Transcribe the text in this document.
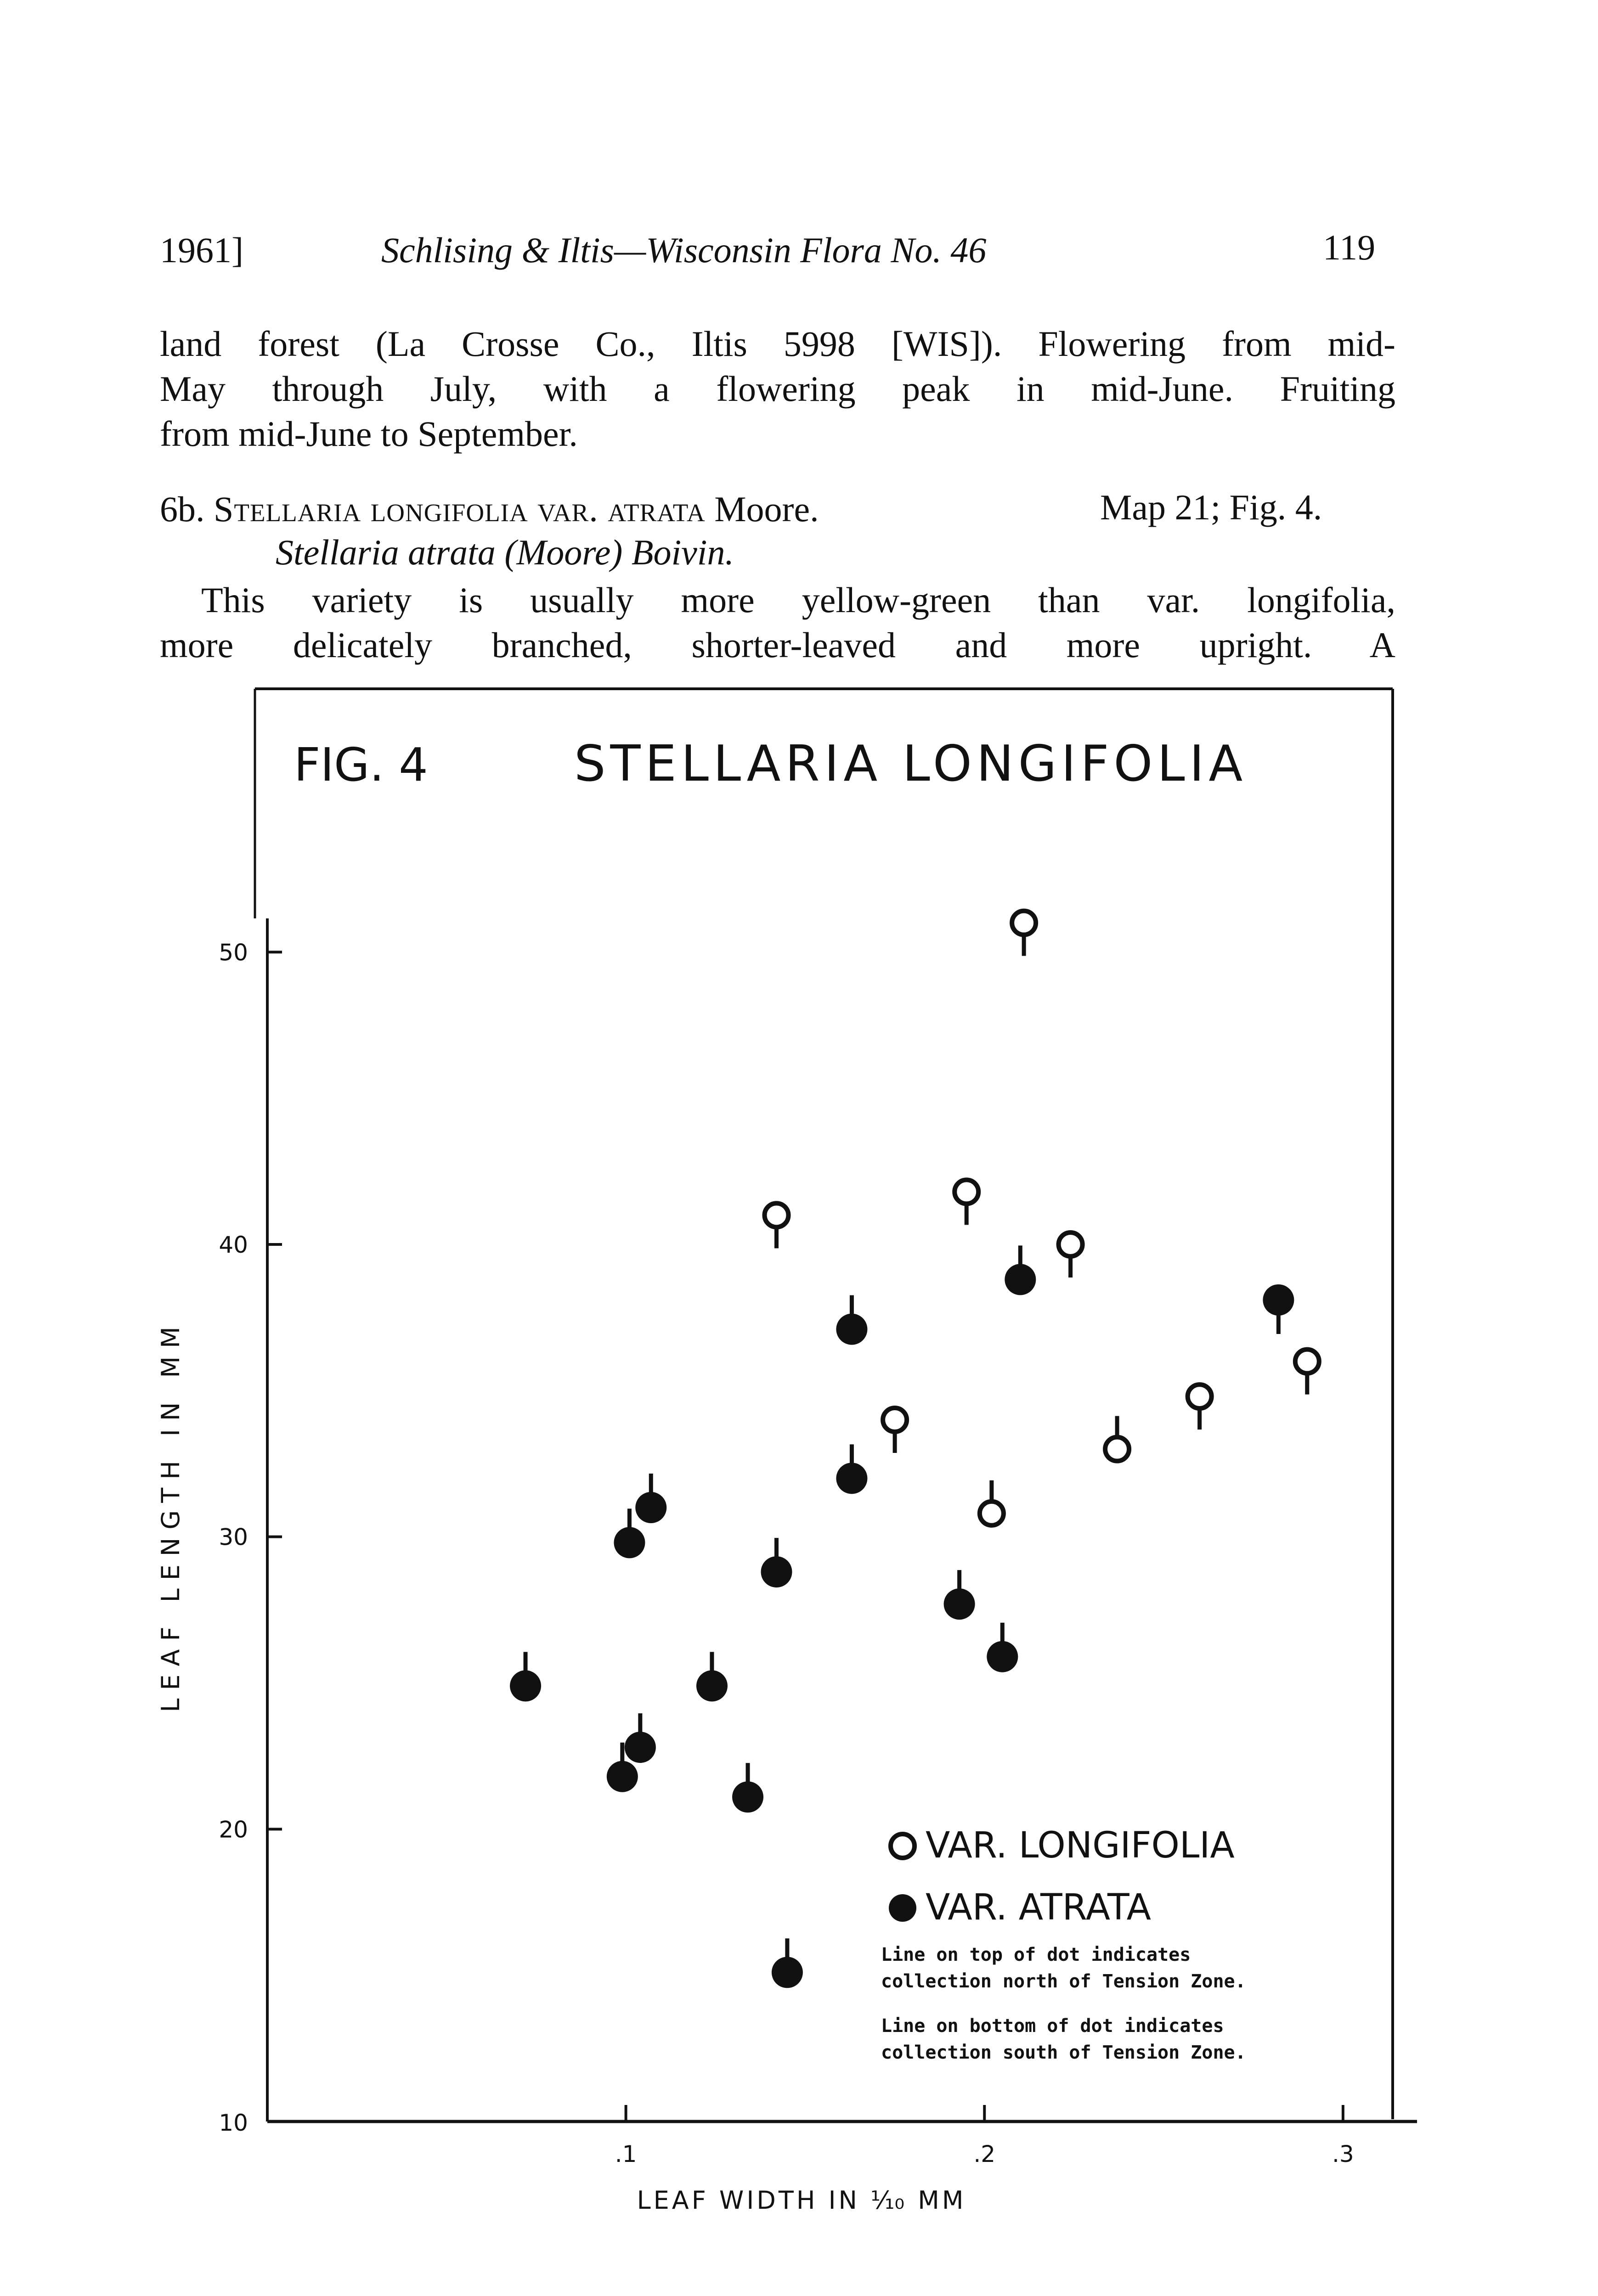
1961]	Schlising & Iltis—Wisconsin Flora No. 46	119
land forest (La Crosse Co., Iltis 5998 [WIS]). Flowering from mid-
May through July, with a flowering peak in mid-June. Fruiting
from mid-June to September.
6b. Stellaria longifolia var. atrata Moore.	Map 21; Fig. 4.
Stellaria atrata (Moore) Boivin.
This variety is usually more yellow-green than var. longifolia,
more delicately branched, shorter-leaved and more upright. A
FIG. 4	STELLARIA LONGIFOLIA
LEAF LENGTH IN MM
LEAF WIDTH IN ⅒ MM
10
20
30
40
50
.1	.2	.3
VAR. LONGIFOLIA
VAR. ATRATA
Line on top of dot indicates collection north of Tension Zone.
Line on bottom of dot indicates collection south of Tension Zone.
